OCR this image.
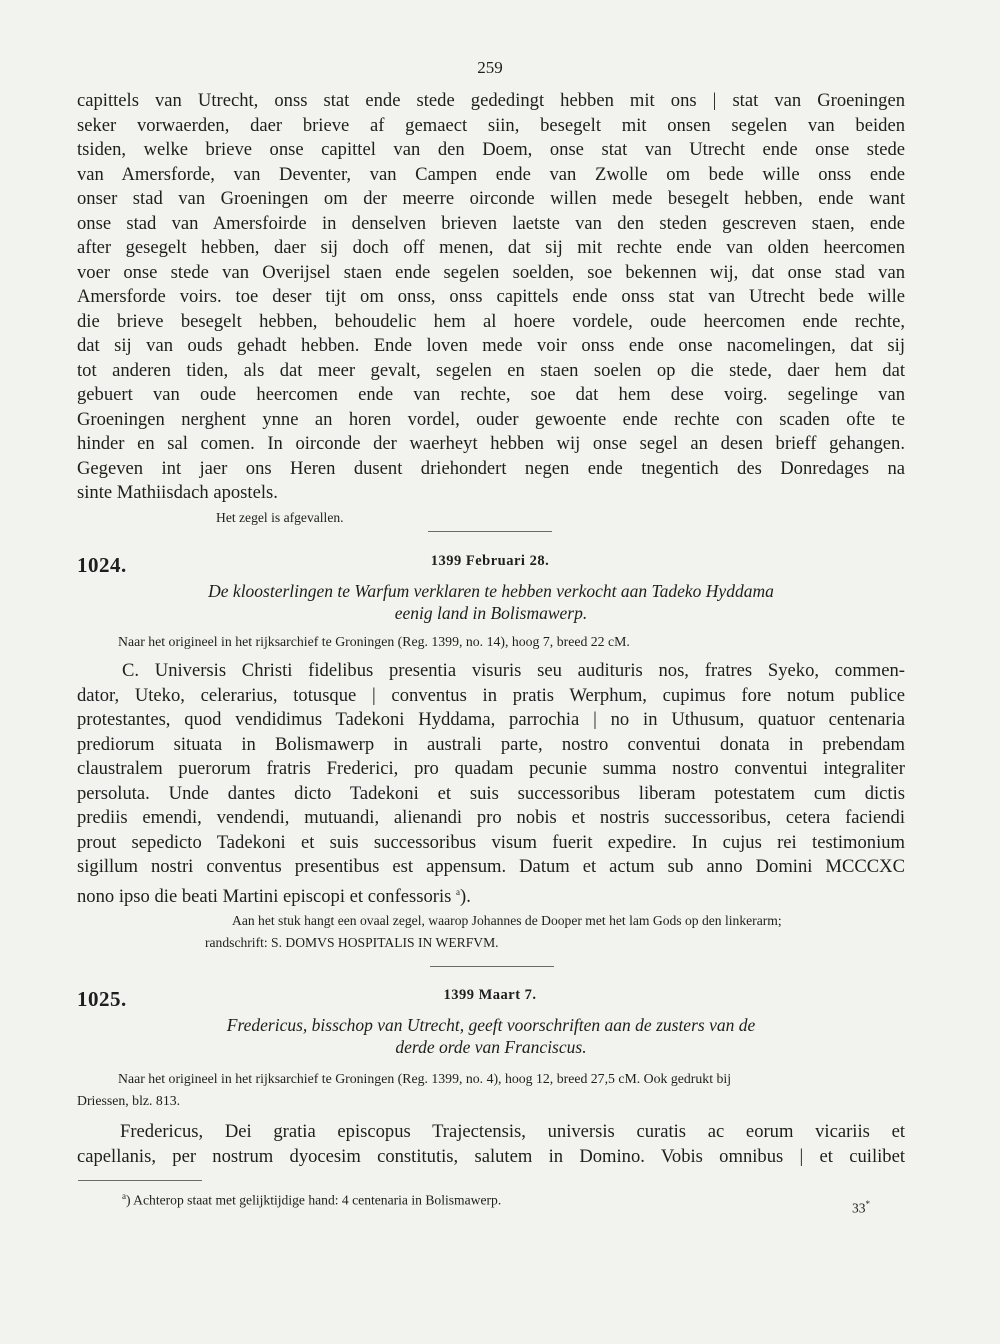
259

capittels van Utrecht, onss stat ende stede gededingt hebben mit ons | stat van Groeningen
seker vorwaerden, daer brieve af gemaect siin, besegelt mit onsen segelen van beiden
tsiden, welke brieve onse capittel van den Doem, onse stat van Utrecht ende onse stede
van Amersforde, van Deventer, van Campen ende van Zwolle om bede wille onss ende
onser stad van Groeningen om der meerre oirconde willen mede besegelt hebben, ende want
onse stad van Amersfoirde in denselven brieven laetste van den steden gescreven staen, ende
after gesegelt hebben, daer sij doch off menen, dat sij mit rechte ende van olden heercomen
voer onse stede van Overijsel staen ende segelen soelden, soe bekennen wij, dat onse stad van
Amersforde voirs. toe deser tijt om onss, onss capittels ende onss stat van Utrecht bede wille
die brieve besegelt hebben, behoudelic hem al hoere vordele, oude heercomen ende rechte,
dat sij van ouds gehadt hebben. Ende loven mede voir onss ende onse nacomelingen, dat sij
tot anderen tiden, als dat meer gevalt, segelen en staen soelen op die stede, daer hem dat
gebuert van oude heercomen ende van rechte, soe dat hem dese voirg. segelinge van
Groeningen nerghent ynne an horen vordel, ouder gewoente ende rechte con scaden ofte te
hinder en sal comen. In oirconde der waerheyt hebben wij onse segel an desen brieff gehangen.
Gegeven int jaer ons Heren dusent driehondert negen ende tnegentich des Donredages na
sinte Mathiisdach apostels.

Het zegel is afgevallen.
1024.	1399 Februari 28.
De kloosterlingen te Warfum verklaren te hebben verkocht aan Tadeko Hyddama
eenig land in Bolismawerp.
Naar het origineel in het rijksarchief te Groningen (Reg. 1399, no. 14), hoog 7, breed 22 cM.

C. Universis Christi fidelibus presentia visuris seu audituris nos, fratres Syeko, commen-
dator, Uteko, celerarius, totusque | conventus in pratis Werphum, cupimus fore notum publice
protestantes, quod vendidimus Tadekoni Hyddama, parrochia | no in Uthusum, quatuor centenaria
prediorum situata in Bolismawerp in australi parte, nostro conventui donata in prebendam
claustralem puerorum fratris Frederici, pro quadam pecunie summa nostro conventui integraliter
persoluta. Unde dantes dicto Tadekoni et suis successoribus liberam potestatem cum dictis
prediis emendi, vendendi, mutuandi, alienandi pro nobis et nostris successoribus, cetera faciendi
prout sepedicto Tadekoni et suis successoribus visum fuerit expedire. In cujus rei testimonium
sigillum nostri conventus presentibus est appensum. Datum et actum sub anno Domini MCCCXC
nono ipso die beati Martini episcopi et confessoris $^a$).

Aan het stuk hangt een ovaal zegel, waarop Johannes de Dooper met het lam Gods op den linkerarm;
randschrift: S. DOMVS HOSPITALIS IN WERFVM.
1025.	1399 Maart 7.
Fredericus, bisschop van Utrecht, geeft voorschriften aan de zusters van de
derde orde van Franciscus.
Naar het origineel in het rijksarchief te Groningen (Reg. 1399, no. 4), hoog 12, breed 27,5 cM. Ook gedrukt bij
Driessen, blz. 813.

Fredericus, Dei gratia episcopus Trajectensis, universis curatis ac eorum vicariis et
capellanis, per nostrum dyocesim constitutis, salutem in Domino. Vobis omnibus | et cuilibet

$^a$) Achterop staat met gelijktijdige hand: 4 centenaria in Bolismawerp.
33*
